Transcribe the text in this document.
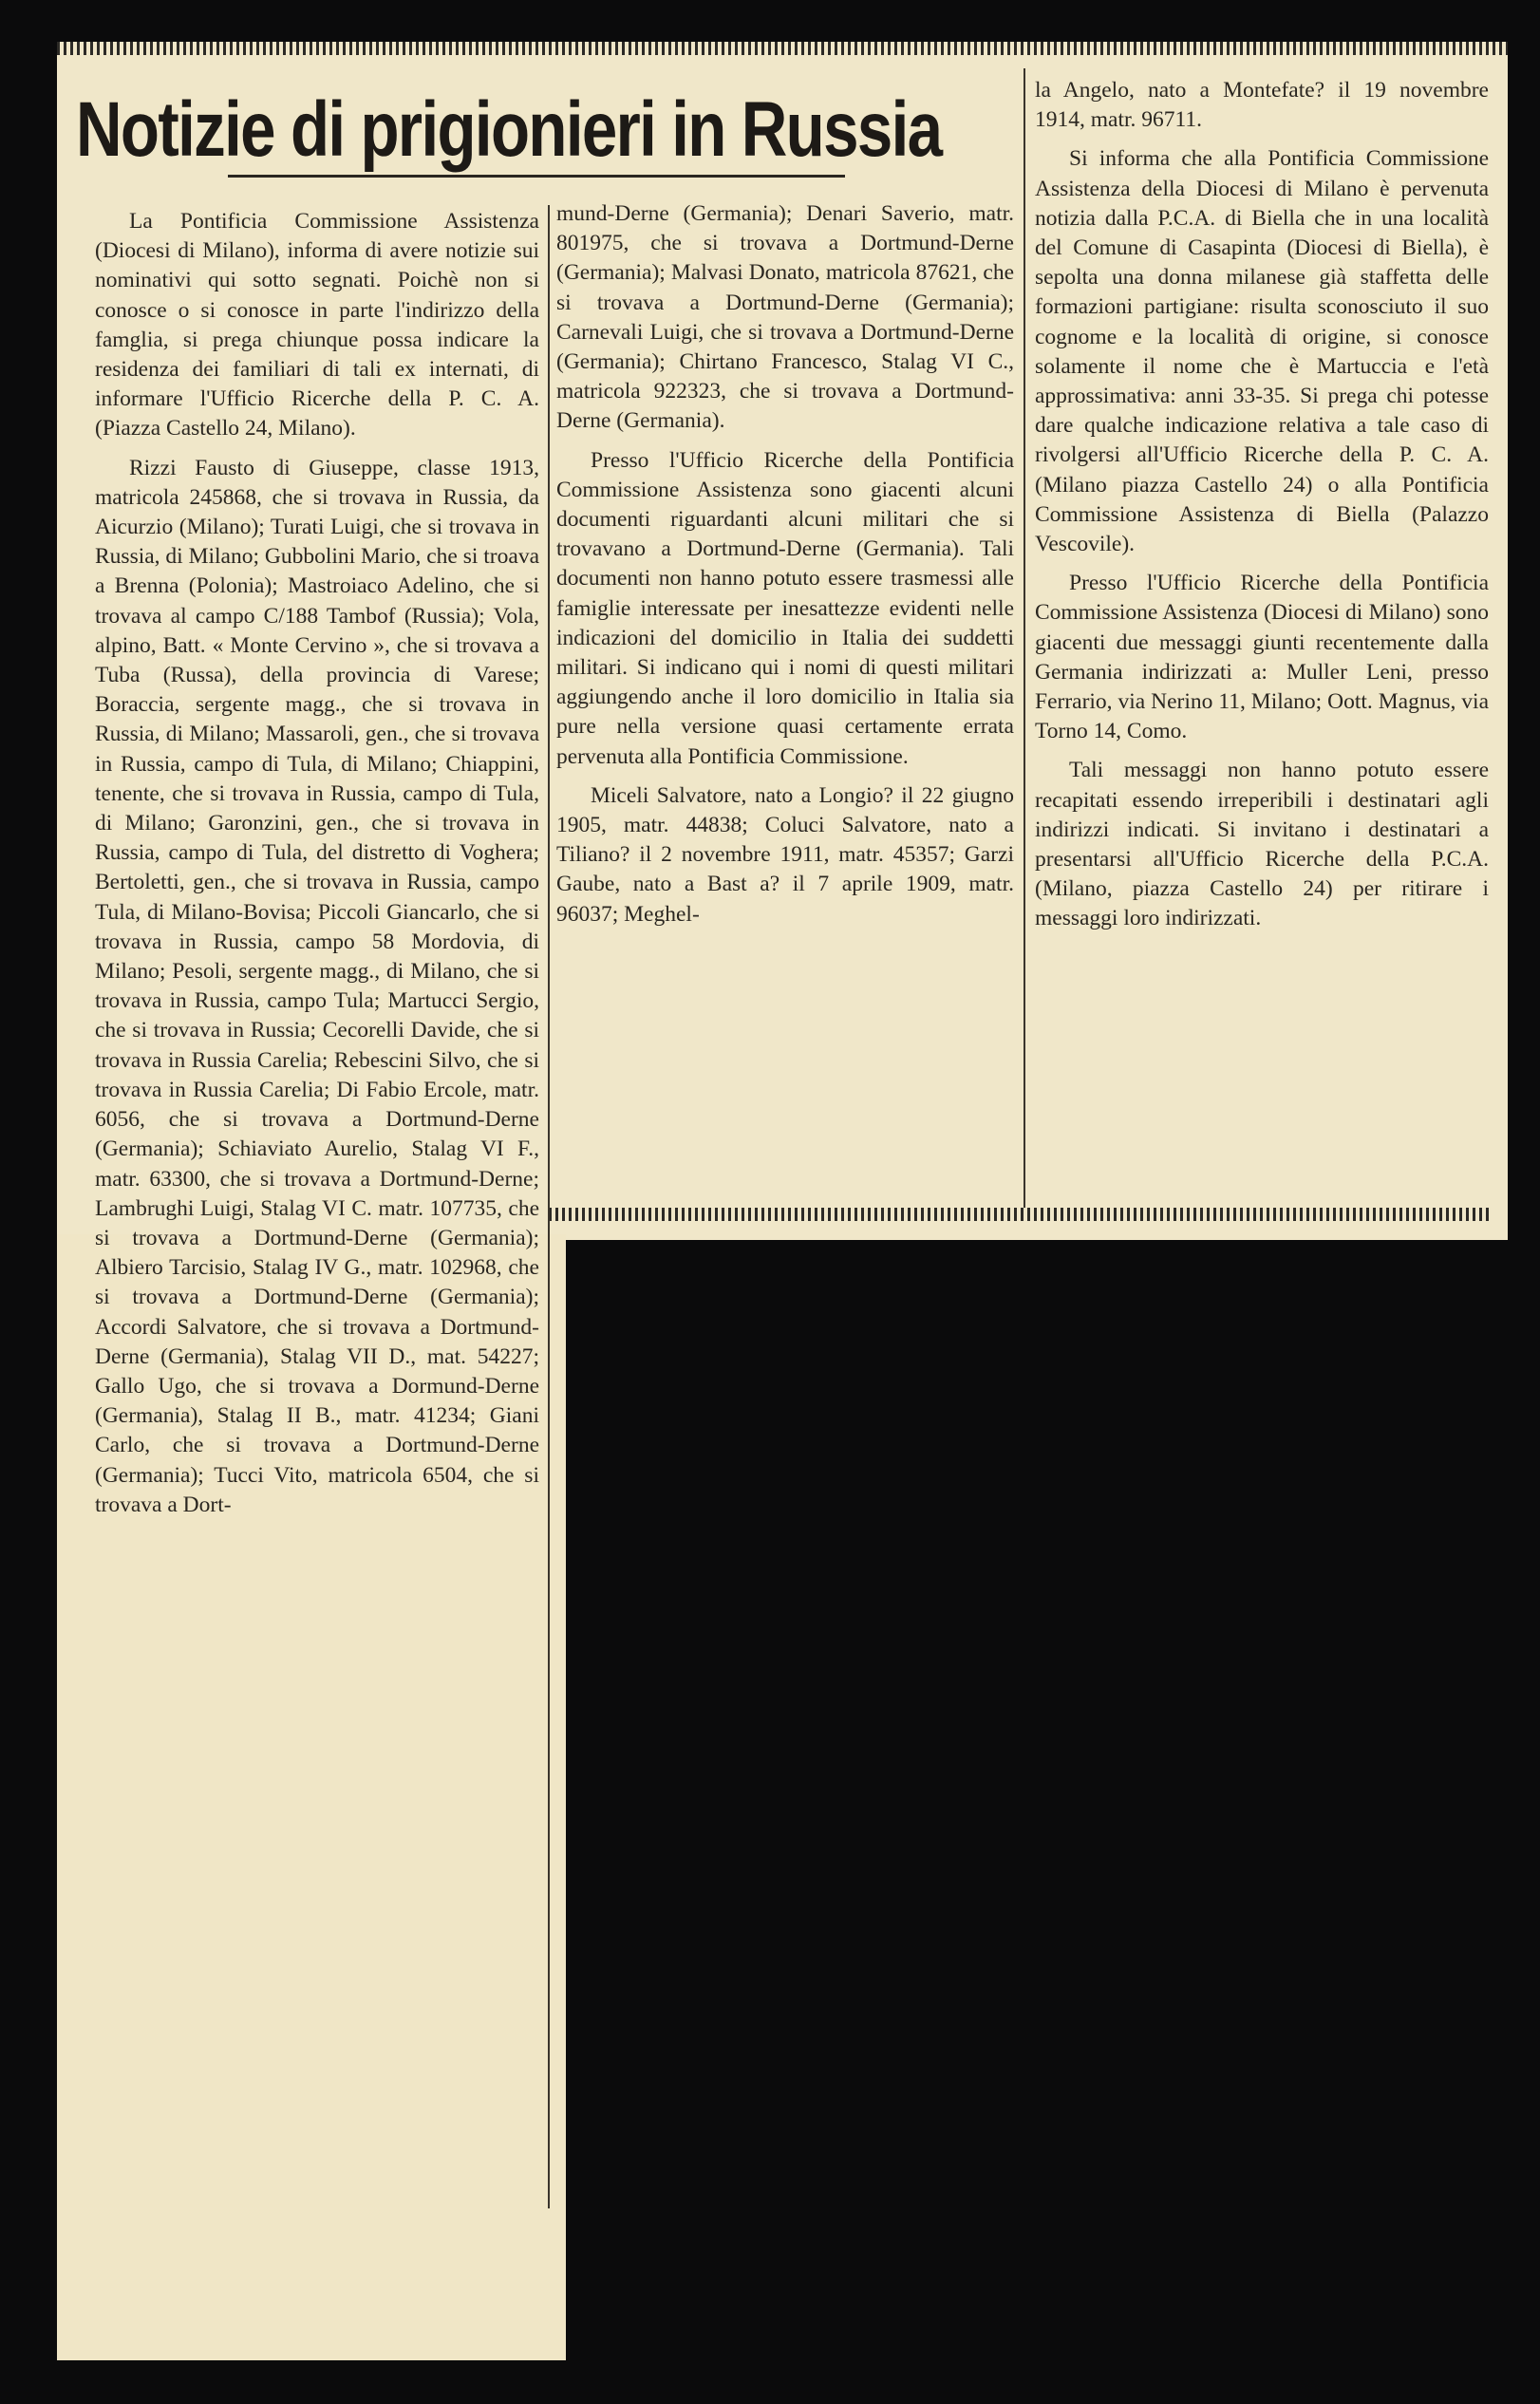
Notizie di prigionieri in Russia

La Pontificia Commissione Assistenza (Diocesi di Milano), informa di avere notizie sui nominativi qui sotto segnati. Poichè non si conosce o si conosce in parte l'indirizzo della famglia, si prega chiunque possa indicare la residenza dei familiari di tali ex internati, di informare l'Ufficio Ricerche della P. C. A. (Piazza Castello 24, Milano).

Rizzi Fausto di Giuseppe, classe 1913, matricola 245868, che si trovava in Russia, da Aicurzio (Milano); Turati Luigi, che si trovava in Russia, di Milano; Gubbolini Mario, che si troava a Brenna (Polonia); Mastroiaco Adelino, che si trovava al campo C/188 Tambof (Russia); Vola, alpino, Batt. « Monte Cervino », che si trovava a Tuba (Russa), della provincia di Varese; Boraccia, sergente magg., che si trovava in Russia, di Milano; Massaroli, gen., che si trovava in Russia, campo di Tula, di Milano; Chiappini, tenente, che si trovava in Russia, campo di Tula, di Milano; Garonzini, gen., che si trovava in Russia, campo di Tula, del distretto di Voghera; Bertoletti, gen., che si trovava in Russia, campo Tula, di Milano-Bovisa; Piccoli Giancarlo, che si trovava in Russia, campo 58 Mordovia, di Milano; Pesoli, sergente magg., di Milano, che si trovava in Russia, campo Tula; Martucci Sergio, che si trovava in Russia; Cecorelli Davide, che si trovava in Russia Carelia; Rebescini Silvo, che si trovava in Russia Carelia; Di Fabio Ercole, matr. 6056, che si trovava a Dortmund-Derne (Germania); Schiaviato Aurelio, Stalag VI F., matr. 63300, che si trovava a Dortmund-Derne; Lambrughi Luigi, Stalag VI C. matr. 107735, che si trovava a Dortmund-Derne (Germania); Albiero Tarcisio, Stalag IV G., matr. 102968, che si trovava a Dortmund-Derne (Germania); Accordi Salvatore, che si trovava a Dortmund-Derne (Germania), Stalag VII D., mat. 54227; Gallo Ugo, che si trovava a Dormund-Derne (Germania), Stalag II B., matr. 41234; Giani Carlo, che si trovava a Dortmund-Derne (Germania); Tucci Vito, matricola 6504, che si trovava a Dort-

mund-Derne (Germania); Denari Saverio, matr. 801975, che si trovava a Dortmund-Derne (Germania); Malvasi Donato, matricola 87621, che si trovava a Dortmund-Derne (Germania); Carnevali Luigi, che si trovava a Dortmund-Derne (Germania); Chirtano Francesco, Stalag VI C., matricola 922323, che si trovava a Dortmund-Derne (Germania).

Presso l'Ufficio Ricerche della Pontificia Commissione Assistenza sono giacenti alcuni documenti riguardanti alcuni militari che si trovavano a Dortmund-Derne (Germania). Tali documenti non hanno potuto essere trasmessi alle famiglie interessate per inesattezze evidenti nelle indicazioni del domicilio in Italia dei suddetti militari. Si indicano qui i nomi di questi militari aggiungendo anche il loro domicilio in Italia sia pure nella versione quasi certamente errata pervenuta alla Pontificia Commissione.

Miceli Salvatore, nato a Longio? il 22 giugno 1905, matr. 44838; Coluci Salvatore, nato a Tiliano? il 2 novembre 1911, matr. 45357; Garzi Gaube, nato a Bast a? il 7 aprile 1909, matr. 96037; Meghel-

la Angelo, nato a Montefate? il 19 novembre 1914, matr. 96711.

Si informa che alla Pontificia Commissione Assistenza della Diocesi di Milano è pervenuta notizia dalla P.C.A. di Biella che in una località del Comune di Casapinta (Diocesi di Biella), è sepolta una donna milanese già staffetta delle formazioni partigiane: risulta sconosciuto il suo cognome e la località di origine, si conosce solamente il nome che è Martuccia e l'età approssimativa: anni 33-35. Si prega chi potesse dare qualche indicazione relativa a tale caso di rivolgersi all'Ufficio Ricerche della P. C. A. (Milano piazza Castello 24) o alla Pontificia Commissione Assistenza di Biella (Palazzo Vescovile).

Presso l'Ufficio Ricerche della Pontificia Commissione Assistenza (Diocesi di Milano) sono giacenti due messaggi giunti recentemente dalla Germania indirizzati a: Muller Leni, presso Ferrario, via Nerino 11, Milano; Oott. Magnus, via Torno 14, Como.

Tali messaggi non hanno potuto essere recapitati essendo irreperibili i destinatari agli indirizzi indicati. Si invitano i destinatari a presentarsi all'Ufficio Ricerche della P.C.A. (Milano, piazza Castello 24) per ritirare i messaggi loro indirizzati.
